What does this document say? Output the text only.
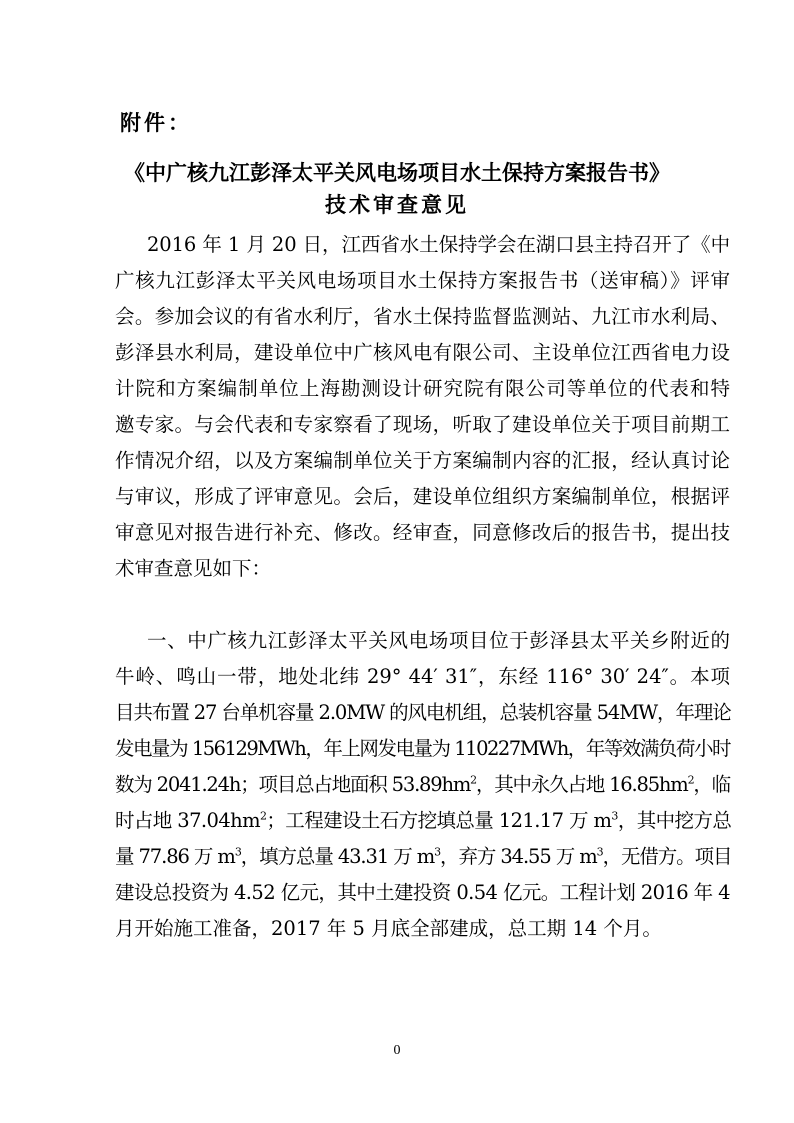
附件：
《中广核九江彭泽太平关风电场项目水土保持方案报告书》
技术审查意见
2016 年 1 月 20 日，江西省水土保持学会在湖口县主持召开了《中
广核九江彭泽太平关风电场项目水土保持方案报告书（送审稿）》评审
会。参加会议的有省水利厅，省水土保持监督监测站、九江市水利局、
彭泽县水利局，建设单位中广核风电有限公司、主设单位江西省电力设
计院和方案编制单位上海勘测设计研究院有限公司等单位的代表和特
邀专家。与会代表和专家察看了现场，听取了建设单位关于项目前期工
作情况介绍，以及方案编制单位关于方案编制内容的汇报，经认真讨论
与审议，形成了评审意见。会后，建设单位组织方案编制单位，根据评
审意见对报告进行补充、修改。经审查，同意修改后的报告书，提出技
术审查意见如下：
一、中广核九江彭泽太平关风电场项目位于彭泽县太平关乡附近的
牛岭、鸣山一带，地处北纬 29° 44′ 31″，东经 116° 30′ 24″。本项
目共布置 27 台单机容量 2.0MW 的风电机组，总装机容量 54MW，年理论
发电量为 156129MWh，年上网发电量为 110227MWh，年等效满负荷小时
数为 2041.24h；项目总占地面积 $53.89hm^2$，其中永久占地 $16.85hm^2$，临
时占地 $37.04hm^2$；工程建设土石方挖填总量 121.17 万 $m^3$，其中挖方总
量 77.86 万 $m^3$，填方总量 43.31 万 $m^3$，弃方 34.55 万 $m^3$，无借方。项目
建设总投资为 4.52 亿元，其中土建投资 0.54 亿元。工程计划 2016 年 4
月开始施工准备，2017 年 5 月底全部建成，总工期 14 个月。
0
